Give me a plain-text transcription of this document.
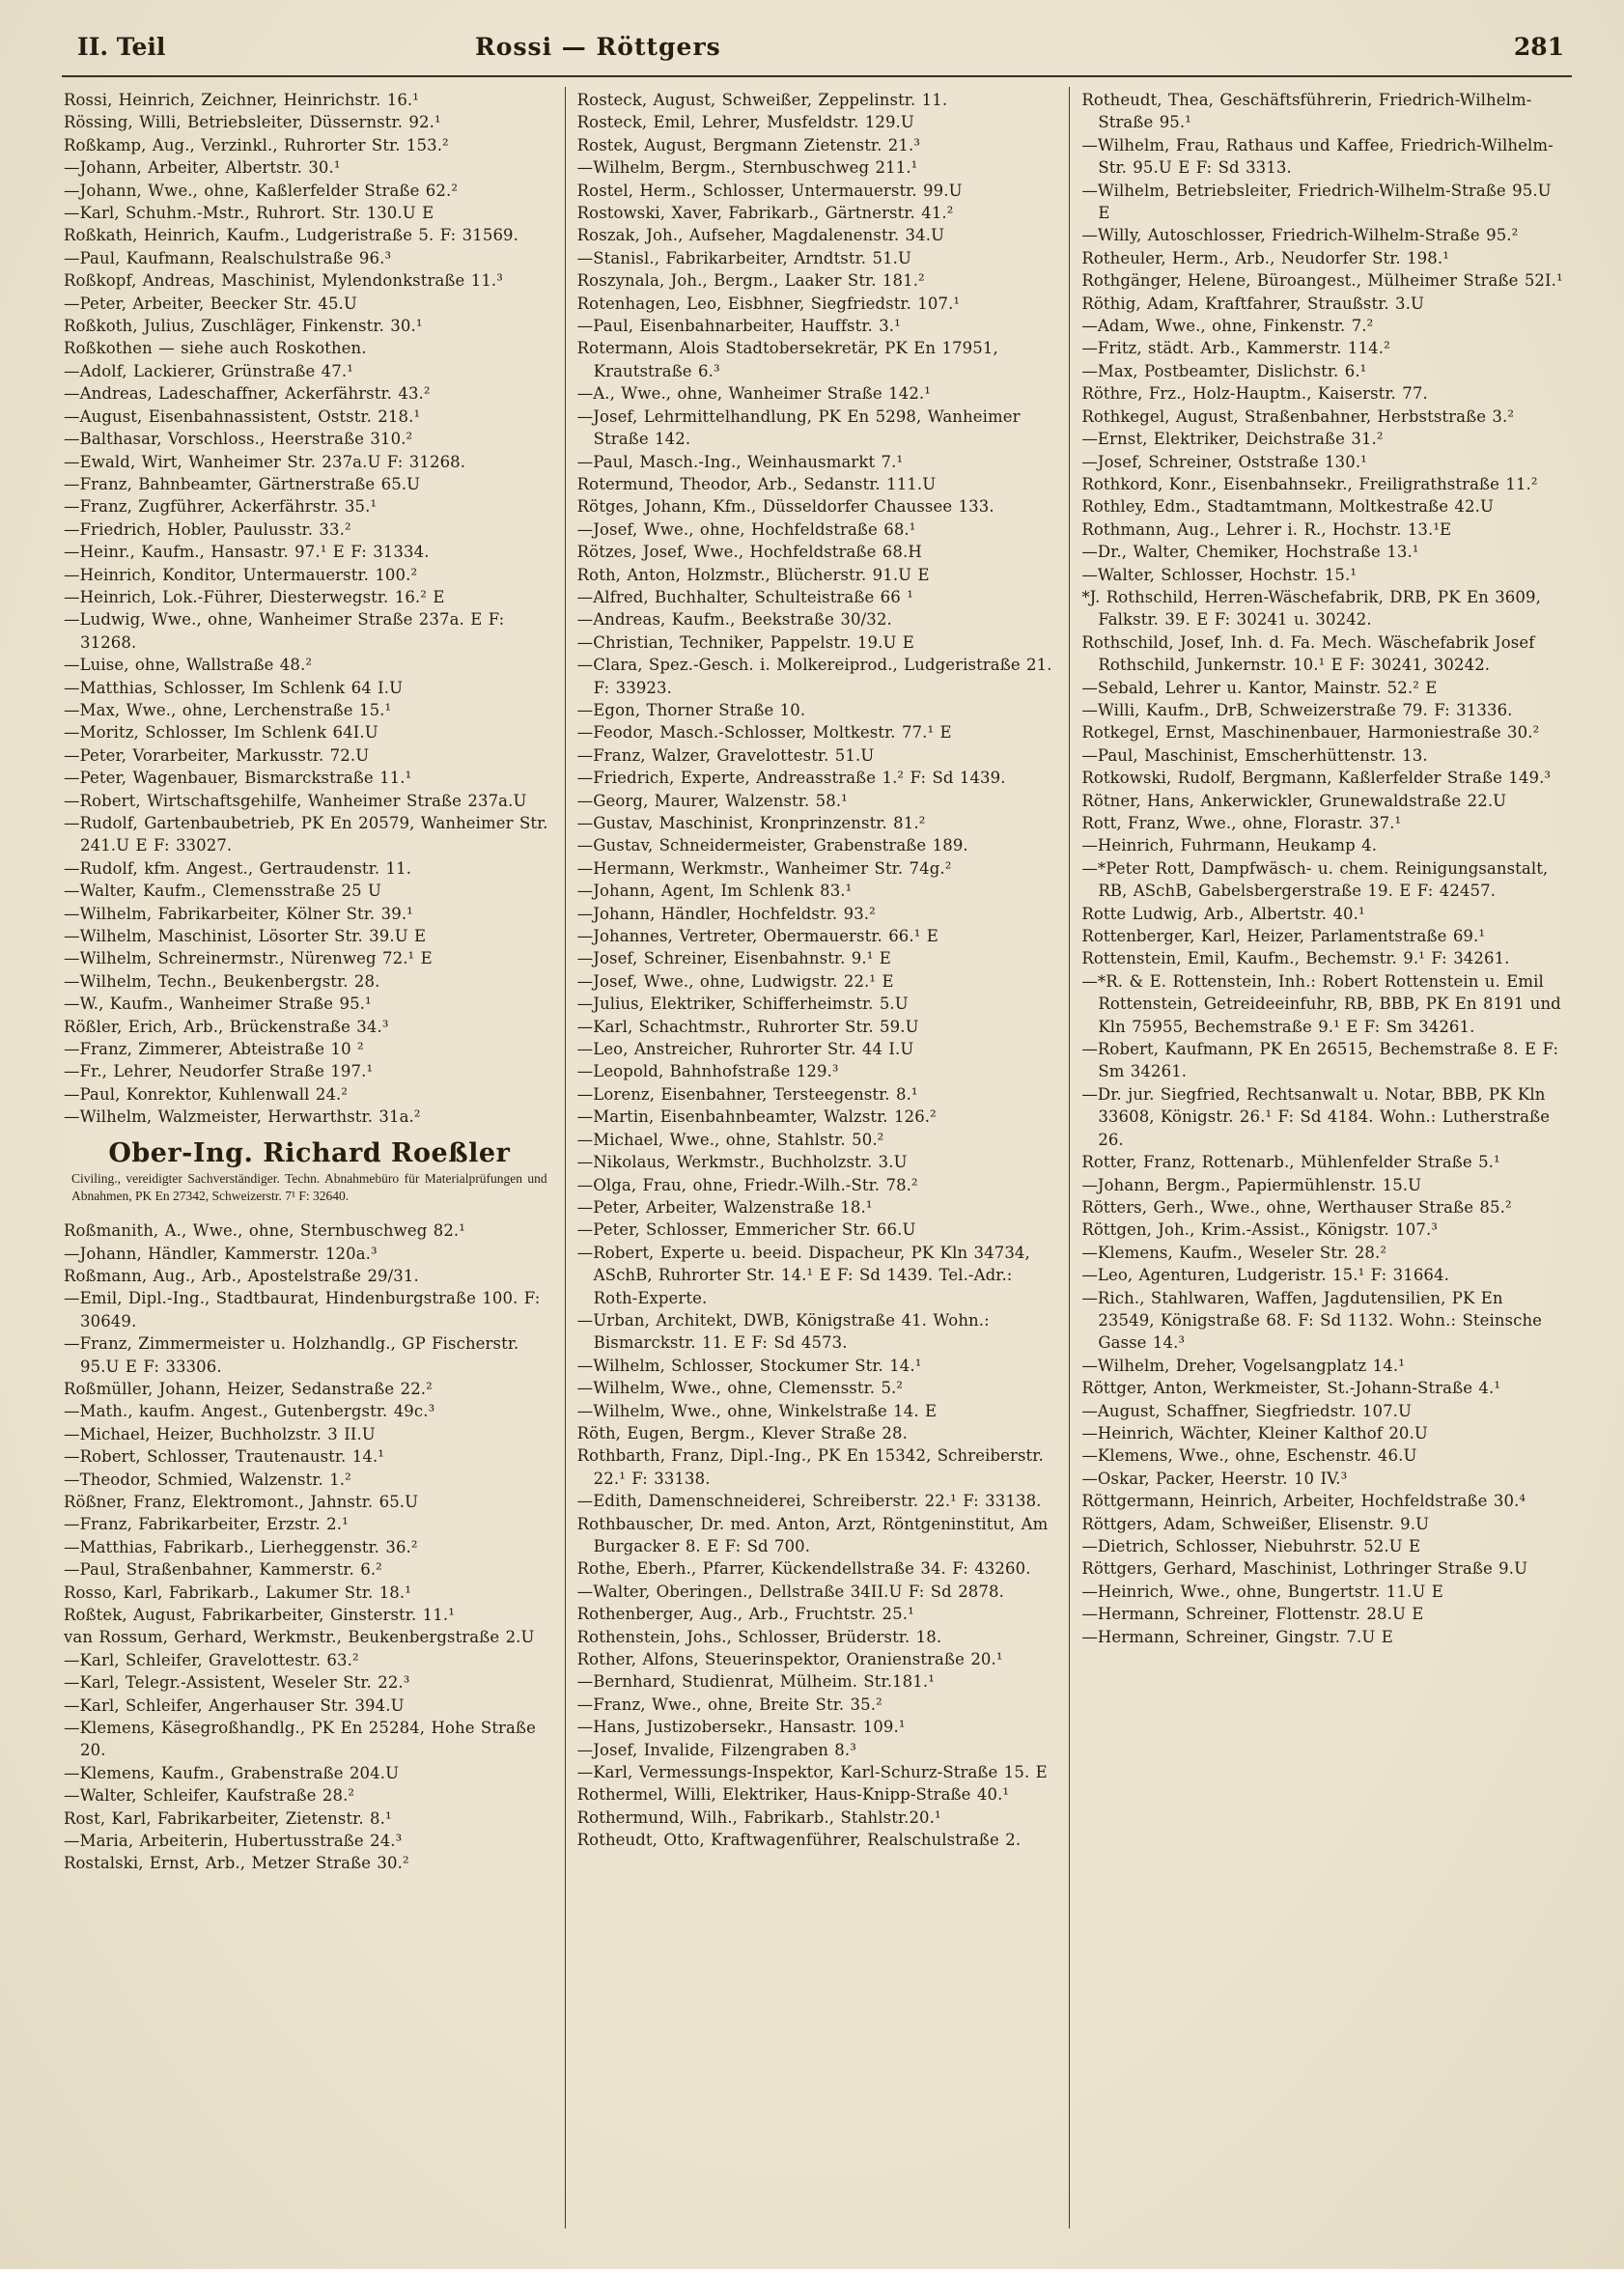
II. Teil	Rossi — Röttgers	281
Rossi, Heinrich, Zeichner, Heinrichstr. 16.¹
Rössing, Willi, Betriebsleiter, Düssernstr. 92.¹
Roßkamp, Aug., Verzinkl., Ruhrorter Str. 153.²
—Johann, Arbeiter, Albertstr. 30.¹
—Johann, Wwe., ohne, Kaßlerfelder Straße 62.²
—Karl, Schuhm.-Mstr., Ruhrort. Str. 130.U E
Roßkath, Heinrich, Kaufm., Ludgeristraße 5. F: 31569.
—Paul, Kaufmann, Realschulstraße 96.³
Roßkopf, Andreas, Maschinist, Mylendonkstraße 11.³
—Peter, Arbeiter, Beecker Str. 45.U
Roßkoth, Julius, Zuschläger, Finkenstr. 30.¹
Roßkothen — siehe auch Roskothen.
—Adolf, Lackierer, Grünstraße 47.¹
—Andreas, Ladeschaffner, Ackerfährstr. 43.²
—August, Eisenbahnassistent, Oststr. 218.¹
—Balthasar, Vorschloss., Heerstraße 310.²
—Ewald, Wirt, Wanheimer Str. 237a.U F: 31268.
—Franz, Bahnbeamter, Gärtnerstraße 65.U
—Franz, Zugführer, Ackerfährstr. 35.¹
—Friedrich, Hobler, Paulusstr. 33.²
—Heinr., Kaufm., Hansastr. 97.¹ E F: 31334.
—Heinrich, Konditor, Untermauerstr. 100.²
—Heinrich, Lok.-Führer, Diesterwegstr. 16.² E
—Ludwig, Wwe., ohne, Wanheimer Straße 237a. E F: 31268.
—Luise, ohne, Wallstraße 48.²
—Matthias, Schlosser, Im Schlenk 64 I.U
—Max, Wwe., ohne, Lerchenstraße 15.¹
—Moritz, Schlosser, Im Schlenk 64I.U
—Peter, Vorarbeiter, Markusstr. 72.U
—Peter, Wagenbauer, Bismarckstraße 11.¹
—Robert, Wirtschaftsgehilfe, Wanheimer Straße 237a.U
—Rudolf, Gartenbaubetrieb, PK En 20579, Wanheimer Str. 241.U E F: 33027.
—Rudolf, kfm. Angest., Gertraudenstr. 11.
—Walter, Kaufm., Clemensstraße 25 U
—Wilhelm, Fabrikarbeiter, Kölner Str. 39.¹
—Wilhelm, Maschinist, Lösorter Str. 39.U E
—Wilhelm, Schreinermstr., Nürenweg 72.¹ E
—Wilhelm, Techn., Beukenbergstr. 28.
—W., Kaufm., Wanheimer Straße 95.¹
Rößler, Erich, Arb., Brückenstraße 34.³
—Franz, Zimmerer, Abteistraße 10 ²
—Fr., Lehrer, Neudorfer Straße 197.¹
—Paul, Konrektor, Kuhlenwall 24.²
—Wilhelm, Walzmeister, Herwarthstr. 31a.²
Ober-Ing. Richard Roeßler
Civiling., vereidigter Sachverständiger. Techn. Abnahmebüro für Materialprüfungen und Abnahmen, PK En 27342, Schweizerstr. 7¹ F: 32640.
Roßmanith, A., Wwe., ohne, Sternbuschweg 82.¹
—Johann, Händler, Kammerstr. 120a.³
Roßmann, Aug., Arb., Apostelstraße 29/31.
—Emil, Dipl.-Ing., Stadtbaurat, Hindenburgstraße 100. F: 30649.
—Franz, Zimmermeister u. Holzhandlg., GP Fischerstr. 95.U E F: 33306.
Roßmüller, Johann, Heizer, Sedanstraße 22.²
—Math., kaufm. Angest., Gutenbergstr. 49c.³
—Michael, Heizer, Buchholzstr. 3 II.U
—Robert, Schlosser, Trautenaustr. 14.¹
—Theodor, Schmied, Walzenstr. 1.²
Rößner, Franz, Elektromont., Jahnstr. 65.U
—Franz, Fabrikarbeiter, Erzstr. 2.¹
—Matthias, Fabrikarb., Lierheggenstr. 36.²
—Paul, Straßenbahner, Kammerstr. 6.²
Rosso, Karl, Fabrikarb., Lakumer Str. 18.¹
Roßtek, August, Fabrikarbeiter, Ginsterstr. 11.¹
van Rossum, Gerhard, Werkmstr., Beukenbergstraße 2.U
—Karl, Schleifer, Gravelottestr. 63.²
—Karl, Telegr.-Assistent, Weseler Str. 22.³
—Karl, Schleifer, Angerhauser Str. 394.U
—Klemens, Käsegroßhandlg., PK En 25284, Hohe Straße 20.
—Klemens, Kaufm., Grabenstraße 204.U
—Walter, Schleifer, Kaufstraße 28.²
Rost, Karl, Fabrikarbeiter, Zietenstr. 8.¹
—Maria, Arbeiterin, Hubertusstraße 24.³
Rostalski, Ernst, Arb., Metzer Straße 30.²
Rosteck, August, Schweißer, Zeppelinstr. 11.
Rosteck, Emil, Lehrer, Musfeldstr. 129.U
Rostek, August, Bergmann Zietenstr. 21.³
—Wilhelm, Bergm., Sternbuschweg 211.¹
Rostel, Herm., Schlosser, Untermauerstr. 99.U
Rostowski, Xaver, Fabrikarb., Gärtnerstr. 41.²
Roszak, Joh., Aufseher, Magdalenenstr. 34.U
—Stanisl., Fabrikarbeiter, Arndtstr. 51.U
Roszynala, Joh., Bergm., Laaker Str. 181.²
Rotenhagen, Leo, Eisbhner, Siegfriedstr. 107.¹
—Paul, Eisenbahnarbeiter, Hauffstr. 3.¹
Rotermann, Alois Stadtobersekretär, PK En 17951, Krautstraße 6.³
—A., Wwe., ohne, Wanheimer Straße 142.¹
—Josef, Lehrmittelhandlung, PK En 5298, Wanheimer Straße 142.
—Paul, Masch.-Ing., Weinhausmarkt 7.¹
Rotermund, Theodor, Arb., Sedanstr. 111.U
Rötges, Johann, Kfm., Düsseldorfer Chaussee 133.
—Josef, Wwe., ohne, Hochfeldstraße 68.¹
Rötzes, Josef, Wwe., Hochfeldstraße 68.H
Roth, Anton, Holzmstr., Blücherstr. 91.U E
—Alfred, Buchhalter, Schulteistraße 66 ¹
—Andreas, Kaufm., Beekstraße 30/32.
—Christian, Techniker, Pappelstr. 19.U E
—Clara, Spez.-Gesch. i. Molkereiprod., Ludgeristraße 21. F: 33923.
—Egon, Thorner Straße 10.
—Feodor, Masch.-Schlosser, Moltkestr. 77.¹ E
—Franz, Walzer, Gravelottestr. 51.U
—Friedrich, Experte, Andreasstraße 1.² F: Sd 1439.
—Georg, Maurer, Walzenstr. 58.¹
—Gustav, Maschinist, Kronprinzenstr. 81.²
—Gustav, Schneidermeister, Grabenstraße 189.
—Hermann, Werkmstr., Wanheimer Str. 74g.²
—Johann, Agent, Im Schlenk 83.¹
—Johann, Händler, Hochfeldstr. 93.²
—Johannes, Vertreter, Obermauerstr. 66.¹ E
—Josef, Schreiner, Eisenbahnstr. 9.¹ E
—Josef, Wwe., ohne, Ludwigstr. 22.¹ E
—Julius, Elektriker, Schifferheimstr. 5.U
—Karl, Schachtmstr., Ruhrorter Str. 59.U
—Leo, Anstreicher, Ruhrorter Str. 44 I.U
—Leopold, Bahnhofstraße 129.³
—Lorenz, Eisenbahner, Tersteegenstr. 8.¹
—Martin, Eisenbahnbeamter, Walzstr. 126.²
—Michael, Wwe., ohne, Stahlstr. 50.²
—Nikolaus, Werkmstr., Buchholzstr. 3.U
—Olga, Frau, ohne, Friedr.-Wilh.-Str. 78.²
—Peter, Arbeiter, Walzenstraße 18.¹
—Peter, Schlosser, Emmericher Str. 66.U
—Robert, Experte u. beeid. Dispacheur, PK Kln 34734, ASchB, Ruhrorter Str. 14.¹ E F: Sd 1439. Tel.-Adr.: Roth-Experte.
—Urban, Architekt, DWB, Königstraße 41. Wohn.: Bismarckstr. 11. E F: Sd 4573.
—Wilhelm, Schlosser, Stockumer Str. 14.¹
—Wilhelm, Wwe., ohne, Clemensstr. 5.²
—Wilhelm, Wwe., ohne, Winkelstraße 14. E
Röth, Eugen, Bergm., Klever Straße 28.
Rothbarth, Franz, Dipl.-Ing., PK En 15342, Schreiberstr. 22.¹ F: 33138.
—Edith, Damenschneiderei, Schreiberstr. 22.¹ F: 33138.
Rothbauscher, Dr. med. Anton, Arzt, Röntgeninstitut, Am Burgacker 8. E F: Sd 700.
Rothe, Eberh., Pfarrer, Kückendellstraße 34. F: 43260.
—Walter, Oberingen., Dellstraße 34II.U F: Sd 2878.
Rothenberger, Aug., Arb., Fruchtstr. 25.¹
Rothenstein, Johs., Schlosser, Brüderstr. 18.
Rother, Alfons, Steuerinspektor, Oranienstraße 20.¹
—Bernhard, Studienrat, Mülheim. Str.181.¹
—Franz, Wwe., ohne, Breite Str. 35.²
—Hans, Justizobersekr., Hansastr. 109.¹
—Josef, Invalide, Filzengraben 8.³
—Karl, Vermessungs-Inspektor, Karl-Schurz-Straße 15. E
Rothermel, Willi, Elektriker, Haus-Knipp-Straße 40.¹
Rothermund, Wilh., Fabrikarb., Stahlstr.20.¹
Rotheudt, Otto, Kraftwagenführer, Realschulstraße 2.
Rotheudt, Thea, Geschäftsführerin, Friedrich-Wilhelm-Straße 95.¹
—Wilhelm, Frau, Rathaus und Kaffee, Friedrich-Wilhelm-Str. 95.U E F: Sd 3313.
—Wilhelm, Betriebsleiter, Friedrich-Wilhelm-Straße 95.U E
—Willy, Autoschlosser, Friedrich-Wilhelm-Straße 95.²
Rotheuler, Herm., Arb., Neudorfer Str. 198.¹
Rothgänger, Helene, Büroangest., Mülheimer Straße 52I.¹
Röthig, Adam, Kraftfahrer, Straußstr. 3.U
—Adam, Wwe., ohne, Finkenstr. 7.²
—Fritz, städt. Arb., Kammerstr. 114.²
—Max, Postbeamter, Dislichstr. 6.¹
Röthre, Frz., Holz-Hauptm., Kaiserstr. 77.
Rothkegel, August, Straßenbahner, Herbststraße 3.²
—Ernst, Elektriker, Deichstraße 31.²
—Josef, Schreiner, Oststraße 130.¹
Rothkord, Konr., Eisenbahnsekr., Freiligrathstraße 11.²
Rothley, Edm., Stadtamtmann, Moltkestraße 42.U
Rothmann, Aug., Lehrer i. R., Hochstr. 13.¹E
—Dr., Walter, Chemiker, Hochstraße 13.¹
—Walter, Schlosser, Hochstr. 15.¹
*J. Rothschild, Herren-Wäschefabrik, DRB, PK En 3609, Falkstr. 39. E F: 30241 u. 30242.
Rothschild, Josef, Inh. d. Fa. Mech. Wäschefabrik Josef Rothschild, Junkernstr. 10.¹ E F: 30241, 30242.
—Sebald, Lehrer u. Kantor, Mainstr. 52.² E
—Willi, Kaufm., DrB, Schweizerstraße 79. F: 31336.
Rotkegel, Ernst, Maschinenbauer, Harmoniestraße 30.²
—Paul, Maschinist, Emscherhüttenstr. 13.
Rotkowski, Rudolf, Bergmann, Kaßlerfelder Straße 149.³
Rötner, Hans, Ankerwickler, Grunewaldstraße 22.U
Rott, Franz, Wwe., ohne, Florastr. 37.¹
—Heinrich, Fuhrmann, Heukamp 4.
—*Peter Rott, Dampfwäsch- u. chem. Reinigungsanstalt, RB, ASchB, Gabelsbergerstraße 19. E F: 42457.
Rotte Ludwig, Arb., Albertstr. 40.¹
Rottenberger, Karl, Heizer, Parlamentstraße 69.¹
Rottenstein, Emil, Kaufm., Bechemstr. 9.¹ F: 34261.
—*R. & E. Rottenstein, Inh.: Robert Rottenstein u. Emil Rottenstein, Getreideeinfuhr, RB, BBB, PK En 8191 und Kln 75955, Bechemstraße 9.¹ E F: Sm 34261.
—Robert, Kaufmann, PK En 26515, Bechemstraße 8. E F: Sm 34261.
—Dr. jur. Siegfried, Rechtsanwalt u. Notar, BBB, PK Kln 33608, Königstr. 26.¹ F: Sd 4184. Wohn.: Lutherstraße 26.
Rotter, Franz, Rottenarb., Mühlenfelder Straße 5.¹
—Johann, Bergm., Papiermühlenstr. 15.U
Rötters, Gerh., Wwe., ohne, Werthauser Straße 85.²
Röttgen, Joh., Krim.-Assist., Königstr. 107.³
—Klemens, Kaufm., Weseler Str. 28.²
—Leo, Agenturen, Ludgeristr. 15.¹ F: 31664.
—Rich., Stahlwaren, Waffen, Jagdutensilien, PK En 23549, Königstraße 68. F: Sd 1132. Wohn.: Steinsche Gasse 14.³
—Wilhelm, Dreher, Vogelsangplatz 14.¹
Röttger, Anton, Werkmeister, St.-Johann-Straße 4.¹
—August, Schaffner, Siegfriedstr. 107.U
—Heinrich, Wächter, Kleiner Kalthof 20.U
—Klemens, Wwe., ohne, Eschenstr. 46.U
—Oskar, Packer, Heerstr. 10 IV.³
Röttgermann, Heinrich, Arbeiter, Hochfeldstraße 30.⁴
Röttgers, Adam, Schweißer, Elisenstr. 9.U
—Dietrich, Schlosser, Niebuhrstr. 52.U E
Röttgers, Gerhard, Maschinist, Lothringer Straße 9.U
—Heinrich, Wwe., ohne, Bungertstr. 11.U E
—Hermann, Schreiner, Flottenstr. 28.U E
—Hermann, Schreiner, Gingstr. 7.U E
